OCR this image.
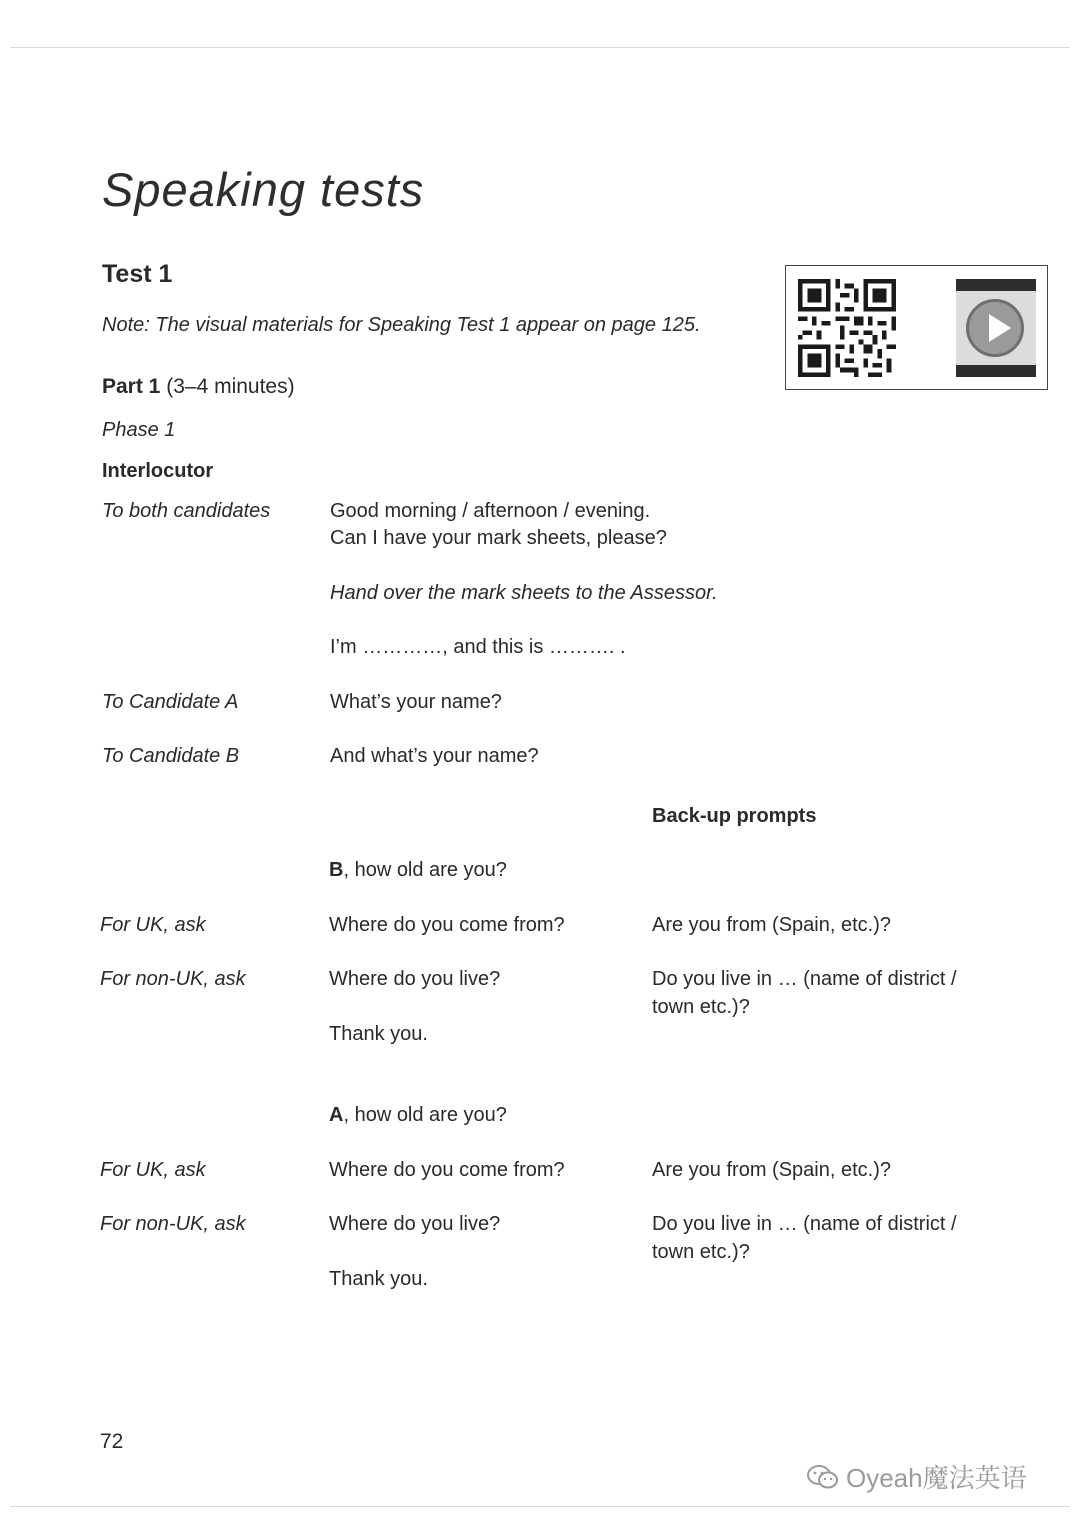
Speaking tests
Test 1
Note: The visual materials for Speaking Test 1 appear on page 125.
Part 1 (3–4 minutes)
Phase 1
Interlocutor
To both candidates	Good morning / afternoon / evening.
Can I have your mark sheets, please?
Hand over the mark sheets to the Assessor.
I’m …………, and this is ………. .
To Candidate A	What’s your name?
To Candidate B	And what’s your name?
Back-up prompts
B, how old are you?
For UK, ask	Where do you come from?	Are you from (Spain, etc.)?
For non-UK, ask	Where do you live?	Do you live in … (name of district /
town etc.)?
Thank you.
A, how old are you?
For UK, ask	Where do you come from?	Are you from (Spain, etc.)?
For non-UK, ask	Where do you live?	Do you live in … (name of district /
town etc.)?
Thank you.
72
Oyeah魔法英语
